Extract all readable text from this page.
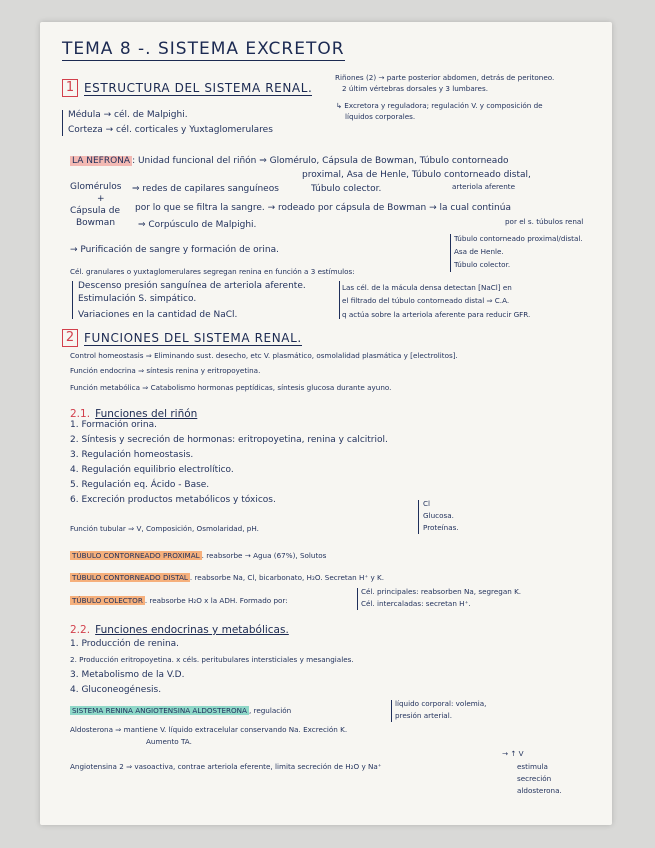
TEMA 8 -. SISTEMA EXCRETOR
1 ESTRUCTURA DEL SISTEMA RENAL.
Riñones (2) → parte posterior abdomen, detrás de peritoneo.
2 últim vértebras dorsales y 3 lumbares.
↳ Excretora y reguladora; regulación V. y composición de
líquidos corporales.
Médula → cél. de Malpighi.
Corteza → cél. corticales y Yuxtaglomerulares
LA NEFRONA : Unidad funcional del riñón ⇒ Glomérulo, Cápsula de Bowman, Túbulo contorneado
proximal, Asa de Henle, Túbulo contorneado distal,
Túbulo colector.	arteriola aferente
Glomérulos ⇒ redes de capilares sanguíneos
+
Cápsula de por lo que se filtra la sangre. → rodeado por cápsula de Bowman → la cual continúa
por el s. túbulos renal
Bowman	⇒ Corpúsculo de Malpighi.
→ Purificación de sangre y formación de orina.
Túbulo contorneado proximal/distal.
Asa de Henle.
Túbulo colector.
Cél. granulares o yuxtaglomerulares segregan renina en función a 3 estímulos:
Descenso presión sanguínea de arteriola aferente.
Estimulación S. simpático.
Variaciones en la cantidad de NaCl.
Las cél. de la mácula densa detectan [NaCl] en
el filtrado del túbulo contorneado distal ⇒ C.A.
q actúa sobre la arteriola aferente para reducir GFR.
2 FUNCIONES DEL SISTEMA RENAL.
Control homeostasis ⇒ Eliminando sust. desecho, etc V. plasmático, osmolalidad plasmática y [electrolitos].
Función endocrina ⇒ síntesis renina y eritropoyetina.
Función metabólica ⇒ Catabolismo hormonas peptídicas, síntesis glucosa durante ayuno.
2.1. Funciones del riñón
1. Formación orina.
2. Síntesis y secreción de hormonas: eritropoyetina, renina y calcitriol.
3. Regulación homeostasis.
4. Regulación equilibrio electrolítico.
5. Regulación eq. Ácido - Base.
6. Excreción productos metabólicos y tóxicos.
Función tubular ⇒ V, Composición, Osmolaridad, pH.
Cl
Glucosa.
Proteínas.
TÚBULO CONTORNEADO PROXIMAL . reabsorbe → Agua (67%), Solutos
TÚBULO CONTORNEADO DISTAL . reabsorbe Na, Cl, bicarbonato, H₂O. Secretan H⁺ y K.
TÚBULO COLECTOR . reabsorbe H₂O x la ADH. Formado por:
Cél. principales: reabsorben Na, segregan K.
Cél. intercaladas: secretan H⁺.
2.2. Funciones endocrinas y metabólicas.
1. Producción de renina.
2. Producción eritropoyetina. x céls. peritubulares intersticiales y mesangiales.
3. Metabolismo de la V.D.
4. Gluconeogénesis.
SISTEMA RENINA ANGIOTENSINA ALDOSTERONA , regulación
líquido corporal: volemia,
presión arterial.
Aldosterona ⇒ mantiene V. líquido extracelular conservando Na. Excreción K.
Aumento TA.
Angiotensina 2 ⇒ vasoactiva, contrae arteriola eferente, limita secreción de H₂O y Na⁺
→ ↑ V
estimula
secreción
aldosterona.
